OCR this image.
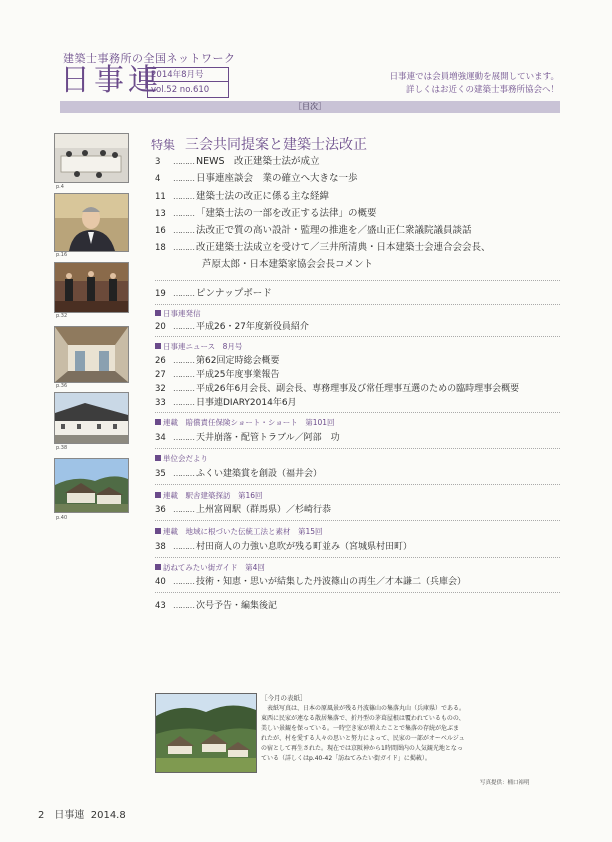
建築士事務所の全国ネットワーク
日事連
2014年8月号
vol.52 no.610
日事連では会員増強運動を展開しています。
詳しくはお近くの建築士事務所協会へ！
［目次］
p.4
p.16
p.32
p.36
p.38
p.40
特集 三会共同提案と建築士法改正
3 ……… NEWS　改正建築士法が成立
4 ……… 日事連座談会　業の確立へ大きな一歩
11 ……… 建築士法の改正に係る主な経緯
13 ……… 「建築士法の一部を改正する法律」の概要
16 ……… 法改正で質の高い設計・監理の推進を／盛山正仁衆議院議員談話
18 ……… 改正建築士法成立を受けて／三井所清典・日本建築士会連合会会長、
芦原太郎・日本建築家協会会長コメント
19 ……… ピンナップボード
日事連発信
20 ……… 平成26・27年度新役員紹介
日事連ニュース　8月号
26 ……… 第62回定時総会概要
27 ……… 平成25年度事業報告
32 ……… 平成26年6月会長、副会長、専務理事及び常任理事互選のための臨時理事会概要
33 ……… 日事連DIARY2014年6月
連載　賠償責任保険ショート・ショート　第101回
34 ……… 天井崩落・配管トラブル／阿部　功
単位会だより
35 ……… ふくい建築賞を創設（福井会）
連載　駅舎建築探訪　第16回
36 ……… 上州富岡駅（群馬県）／杉崎行恭
連載　地域に根づいた伝統工法と素材　第15回
38 ……… 村田商人の力強い息吹が残る町並み（宮城県村田町）
訪ねてみたい街ガイド　第4回
40 ……… 技術・知恵・思いが結集した丹波篠山の再生／才本謙二（兵庫会）
43 ……… 次号予告・編集後記
［今月の表紙］
　表紙写真は、日本の原風景が残る丹波篠山の集落丸山（兵庫県）である。
東西に民家が連なる散居集落で、折丹型の茅葺屋根は覆われているものの、
美しい景観を保っている。一時空き家が増えたことで集落の存続が危ぶま
れたが、村を愛する人々の思いと努力によって、民家の一部がオーベルジュ
の宿として再生された。現在では京阪神から1時間圏内の人気観光地となっ
ている（詳しくはp.40-42「訪ねてみたい街ガイド」に掲載）。
写真提供：桶口裕明
2 日事連 2014.8
